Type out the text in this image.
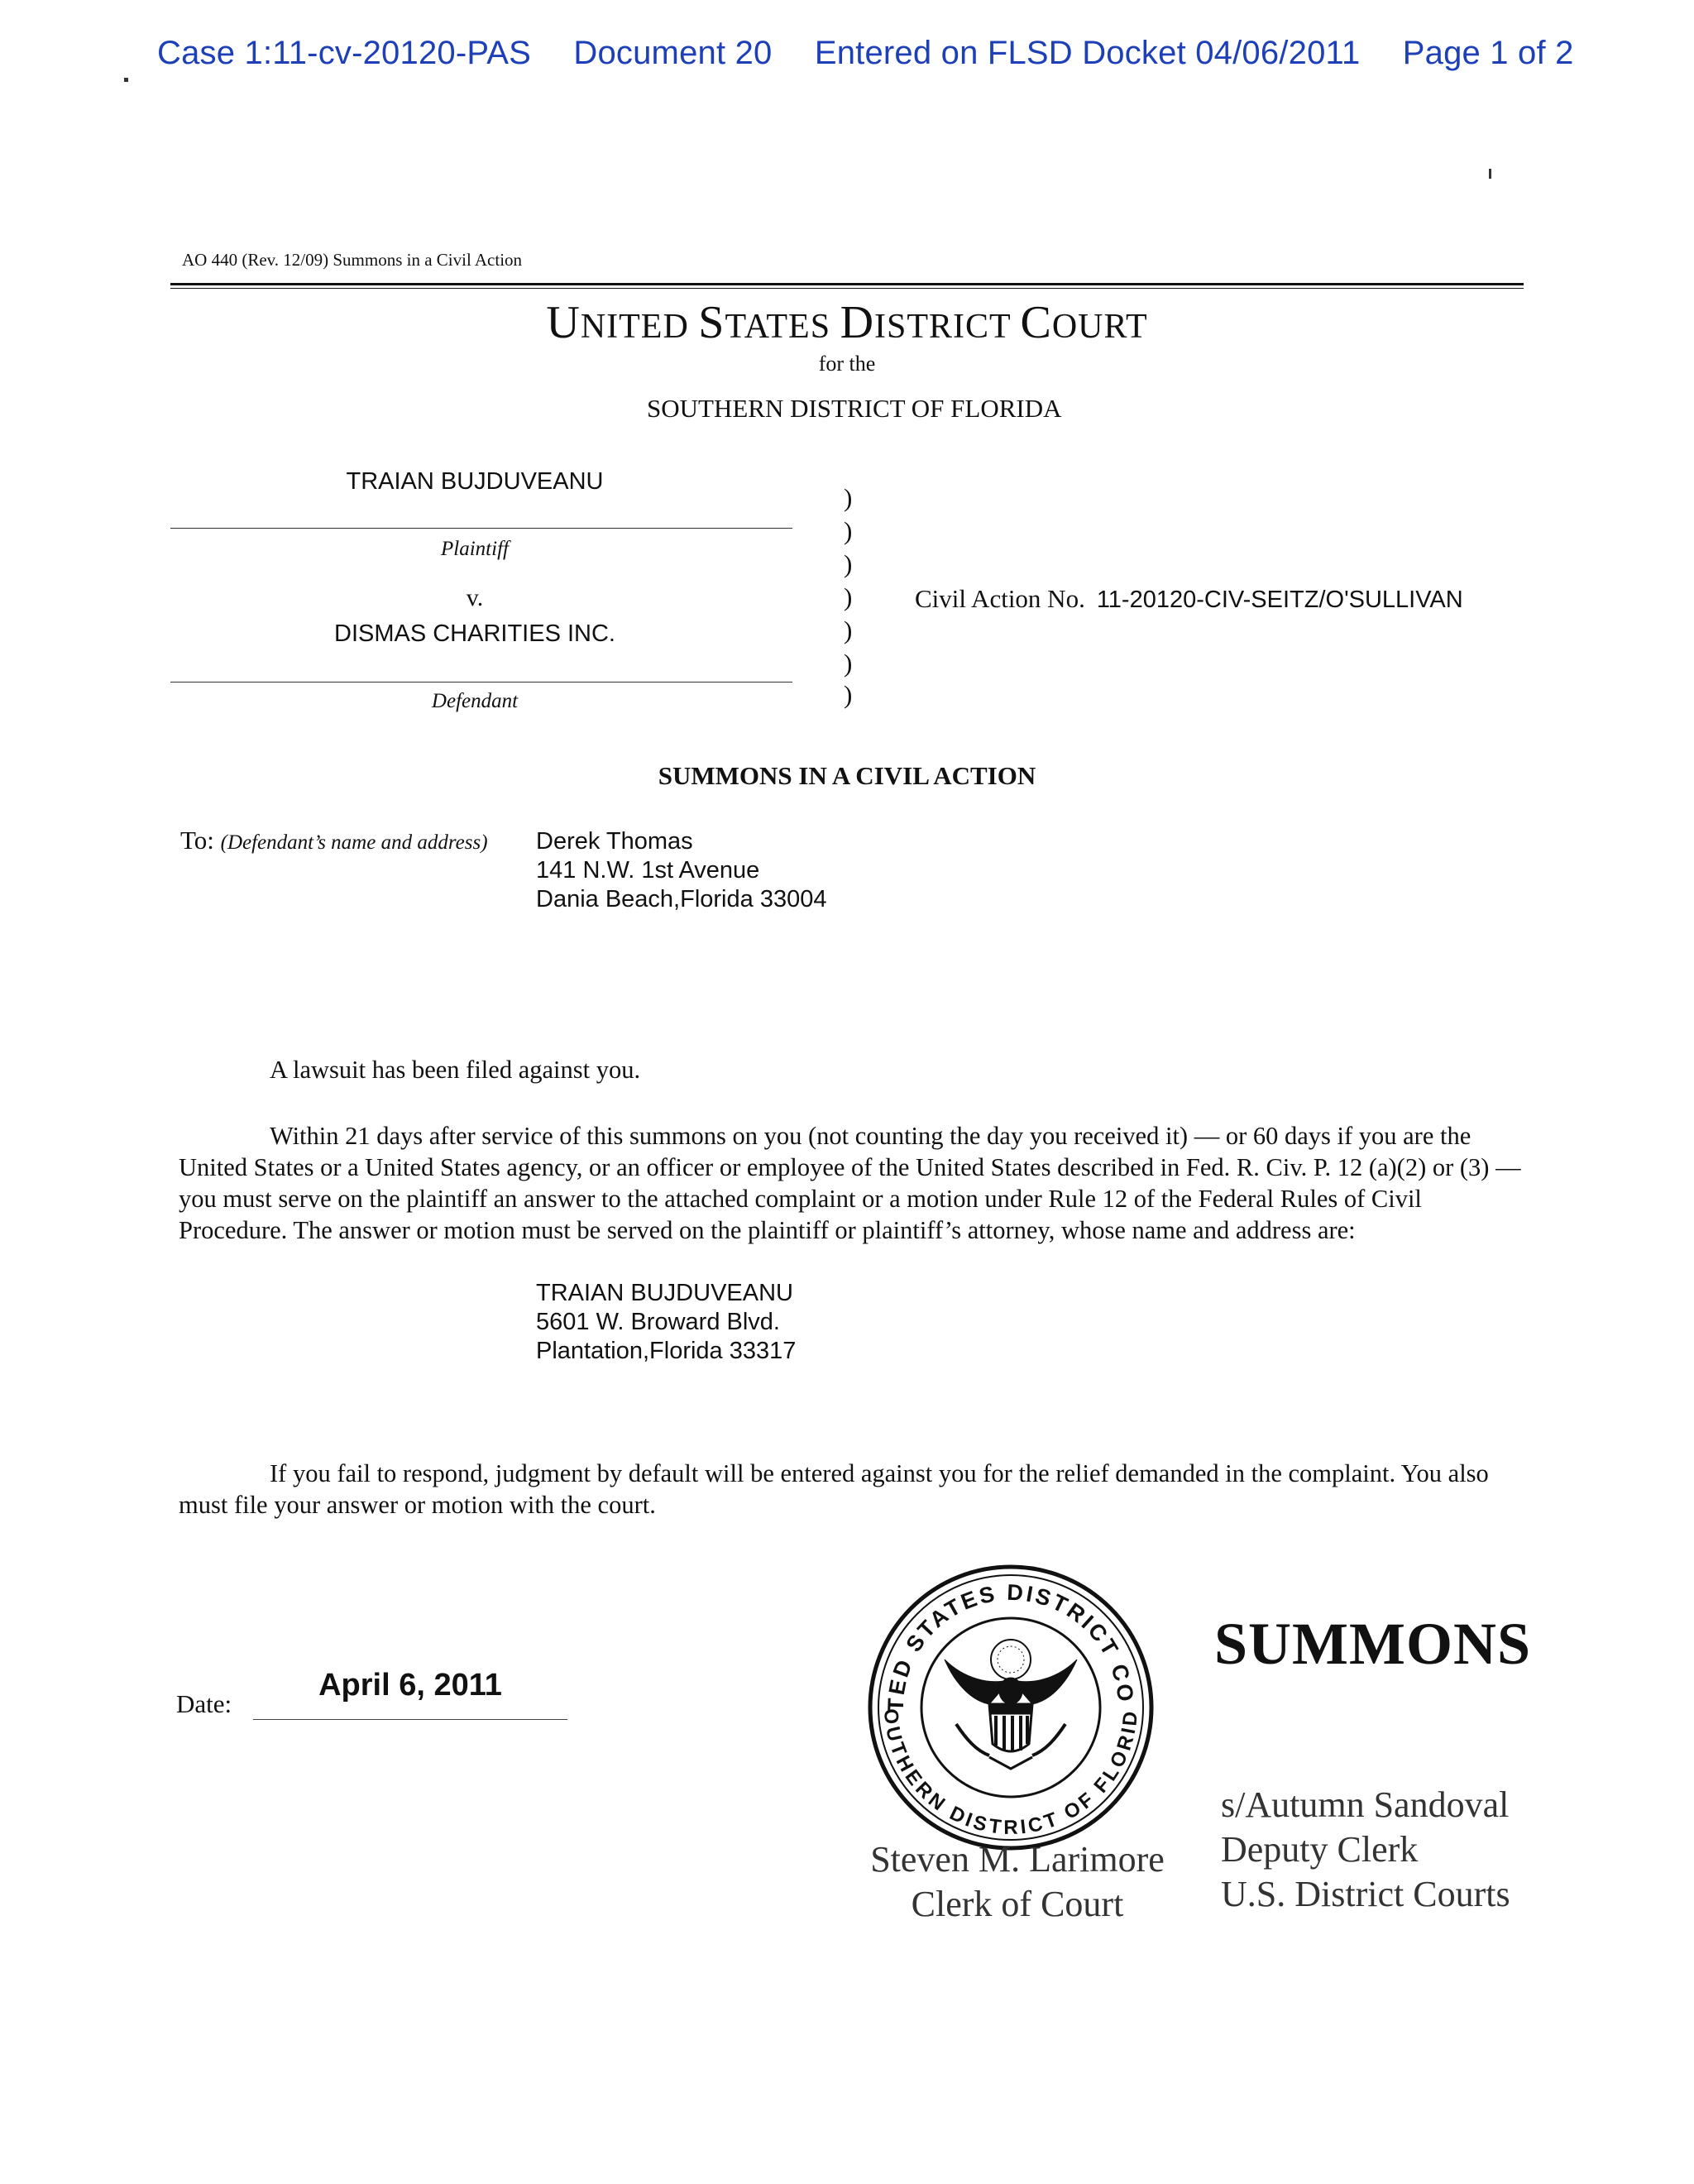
Case 1:11-cv-20120-PAS Document 20 Entered on FLSD Docket 04/06/2011 Page 1 of 2
AO 440 (Rev. 12/09) Summons in a Civil Action
UNITED STATES DISTRICT COURT
for the
SOUTHERN DISTRICT OF FLORIDA
TRAIAN BUJDUVEANU
Plaintiff
v.
DISMAS CHARITIES INC.
Defendant
)
)
)
)
)
)
)
Civil Action No. 11-20120-CIV-SEITZ/O'SULLIVAN
SUMMONS IN A CIVIL ACTION
To: (Defendant’s name and address) Derek Thomas
141 N.W. 1st Avenue
Dania Beach,Florida 33004
A lawsuit has been filed against you.
Within 21 days after service of this summons on you (not counting the day you received it) — or 60 days if you are the United States or a United States agency, or an officer or employee of the United States described in Fed. R. Civ. P. 12 (a)(2) or (3) — you must serve on the plaintiff an answer to the attached complaint or a motion under Rule 12 of the Federal Rules of Civil Procedure. The answer or motion must be served on the plaintiff or plaintiff’s attorney, whose name and address are:
TRAIAN BUJDUVEANU
5601 W. Broward Blvd.
Plantation,Florida 33317
If you fail to respond, judgment by default will be entered against you for the relief demanded in the complaint. You also must file your answer or motion with the court.
Date:
April 6, 2011
TED STATES DISTRICT CO
OUTHERN DISTRICT OF FLORID
Steven M. Larimore
Clerk of Court
SUMMONS
s/Autumn Sandoval
Deputy Clerk
U.S. District Courts
